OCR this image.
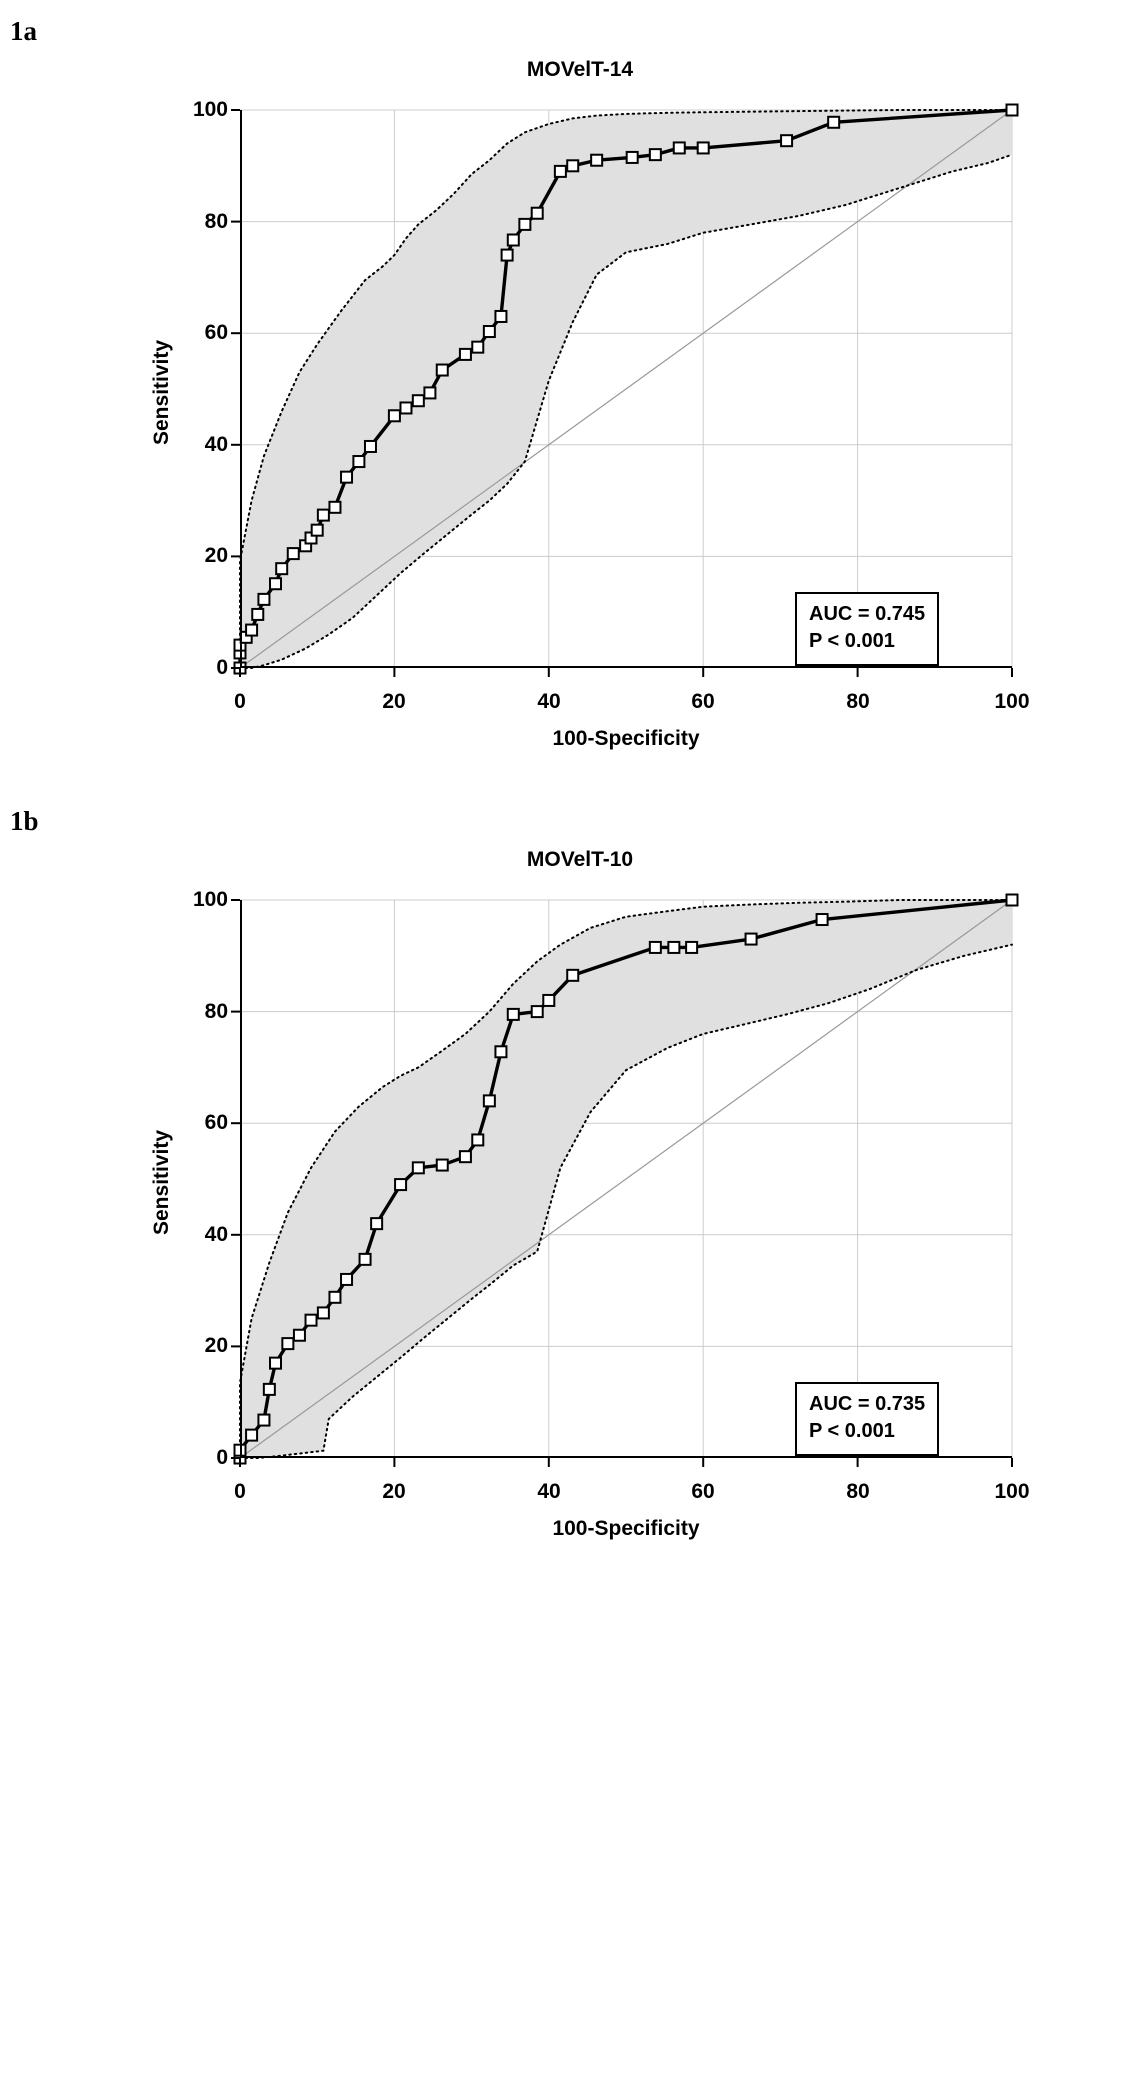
1a
MOVelT-14
100
80
60
40
20
0
0	20	40	60	80	100
100-Specificity
Sensitivity
AUC = 0.745
P < 0.001
1b
MOVelT-10
100
80
60
40
20
0
0	20	40	60	80	100
100-Specificity
Sensitivity
AUC = 0.735
P < 0.001
